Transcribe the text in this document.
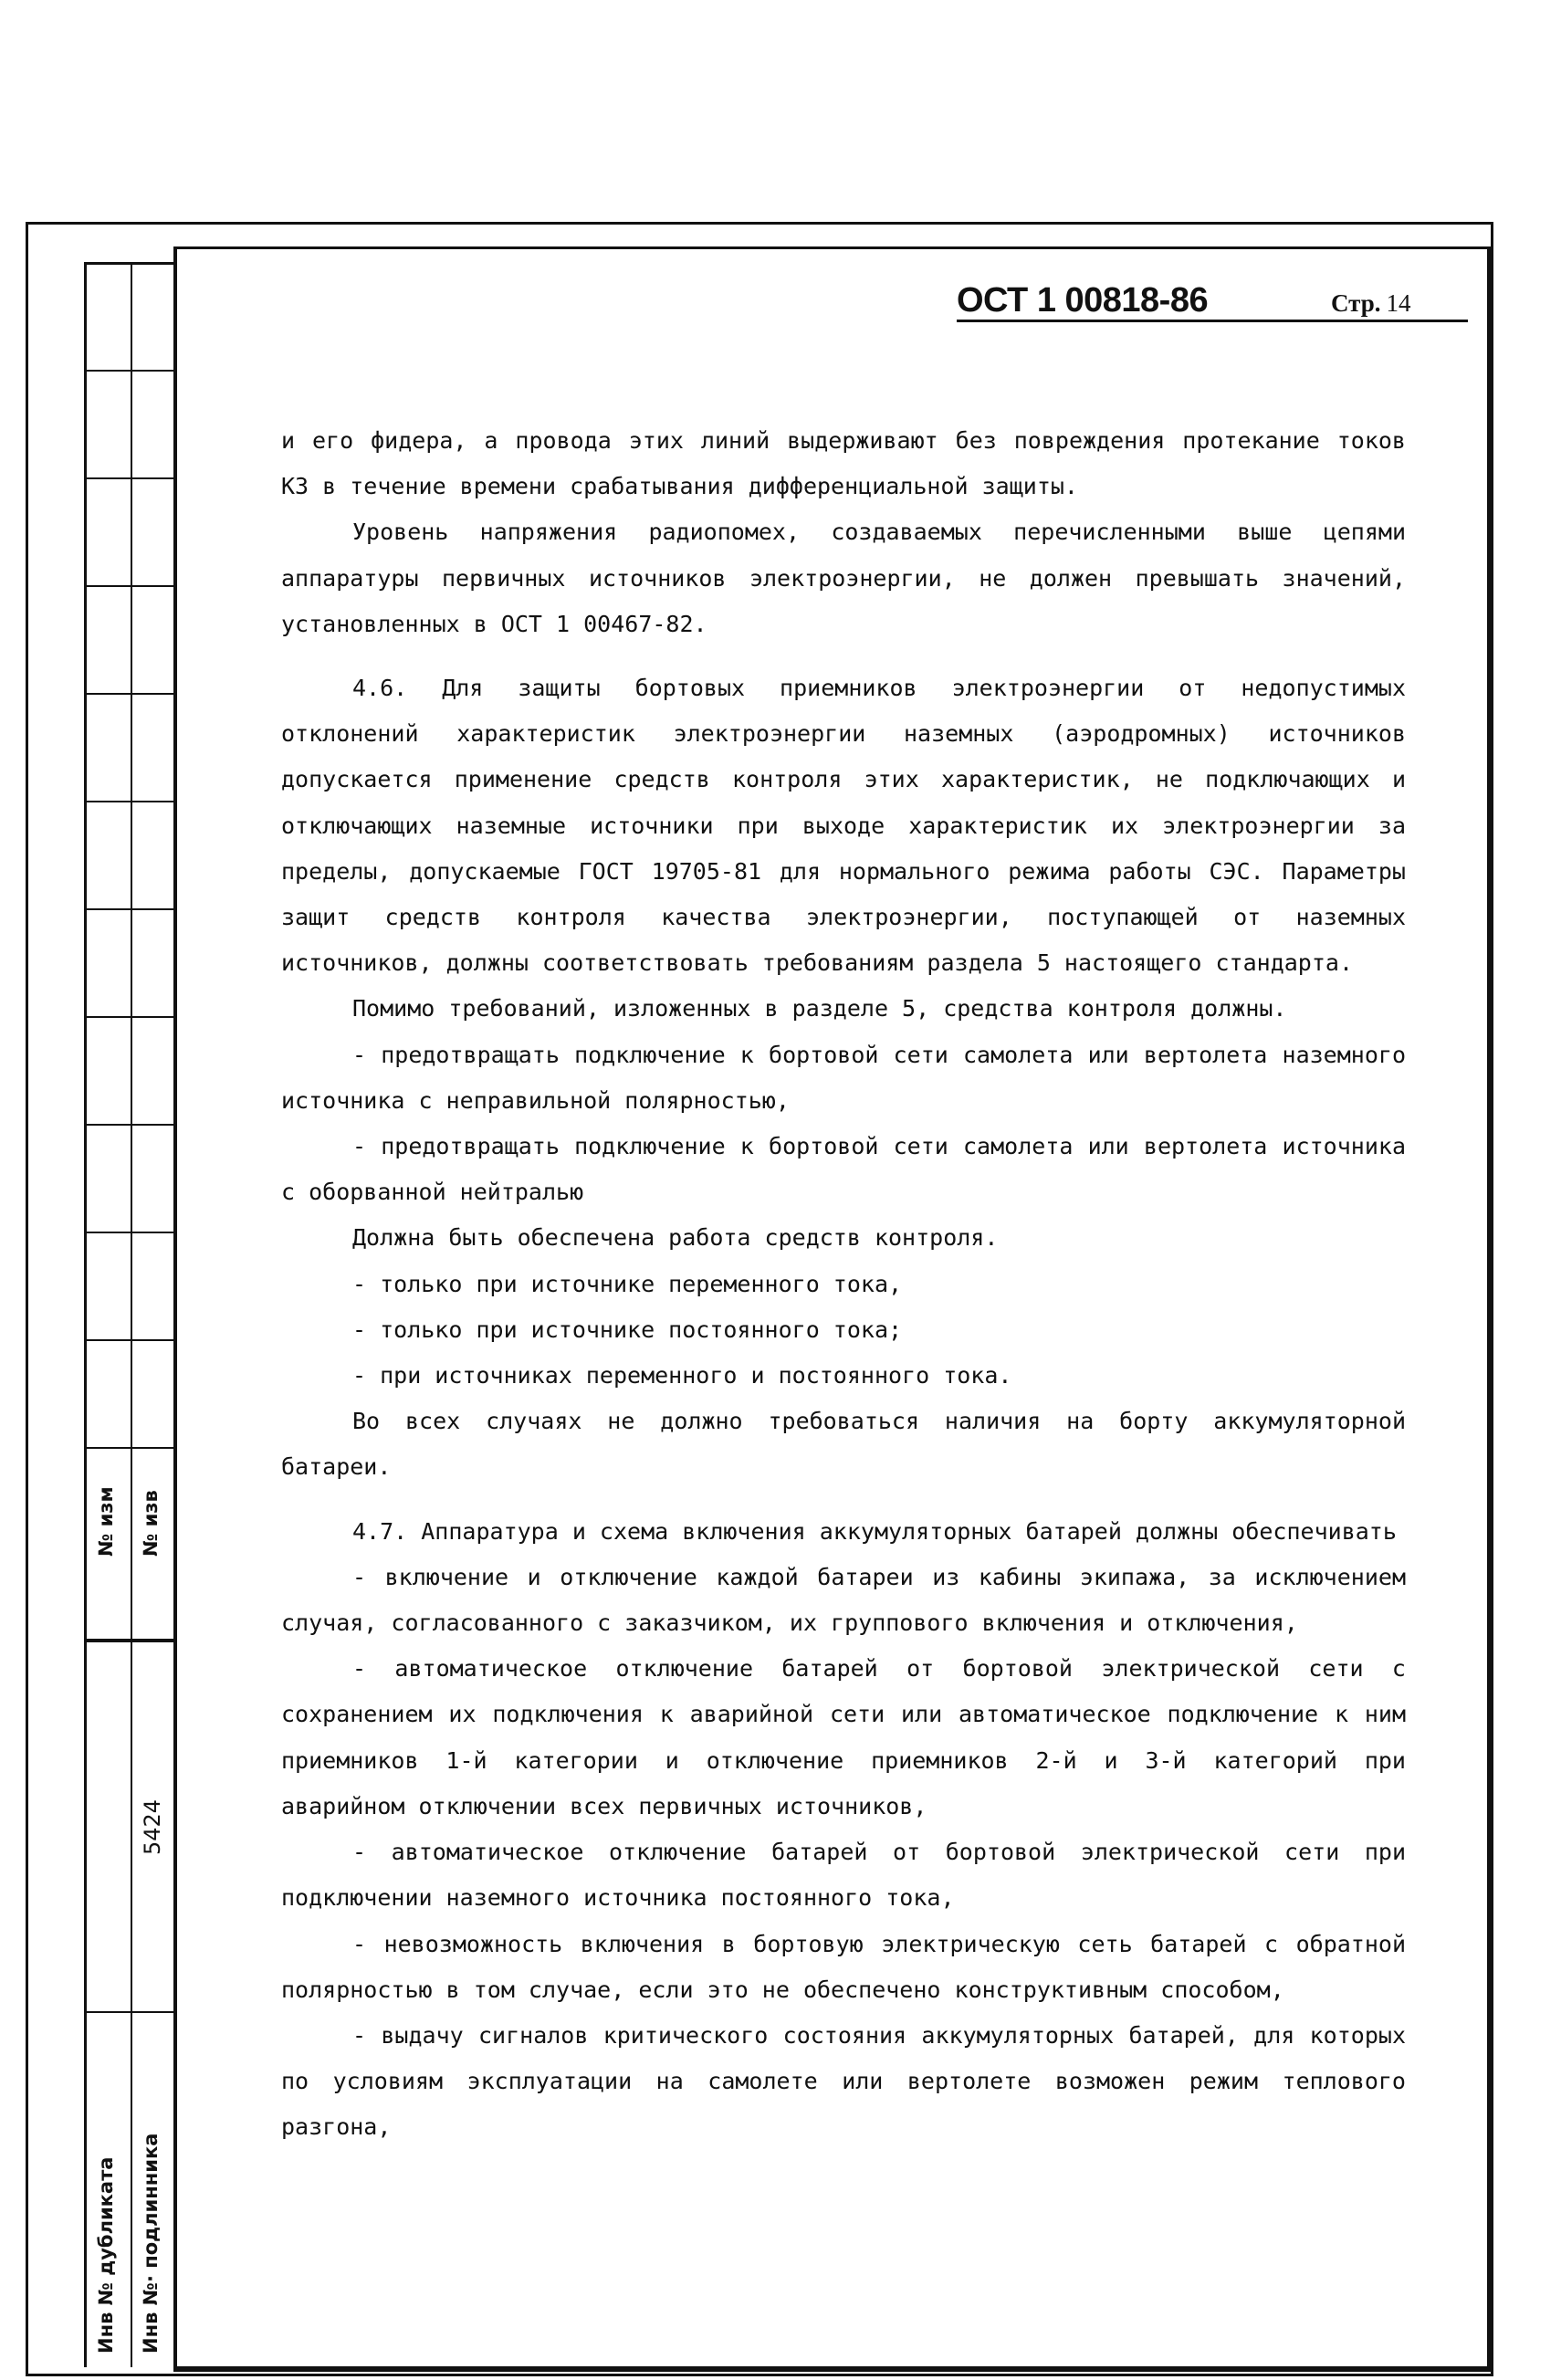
№ изм № изв
5424
Инв № дубликата Инв №· подлинника
ОСТ 1 00818-86	Стр. 14

и его фидера, а провода этих линий выдерживают без повреждения протекание токов КЗ в течение времени срабатывания дифференциальной защиты.

Уровень напряжения радиопомех, создаваемых перечисленными выше цепями аппаратуры первичных источников электроэнергии, не должен превышать значений, установленных в ОСТ 1 00467-82.

4.6. Для защиты бортовых приемников электроэнергии от недопустимых отклонений характеристик электроэнергии наземных (аэродромных) источников допускается применение средств контроля этих характеристик, не подключающих и отключающих наземные источники при выходе характеристик их электроэнергии за пределы, допускаемые ГОСТ 19705-81 для нормального режима работы СЭС. Параметры защит средств контроля качества электроэнергии, поступающей от наземных источников, должны соответствовать требованиям раздела 5 настоящего стандарта.

Помимо требований, изложенных в разделе 5, средства контроля должны.

- предотвращать подключение к бортовой сети самолета или вертолета наземного источника с неправильной полярностью,

- предотвращать подключение к бортовой сети самолета или вертолета источника с оборванной нейтралью

Должна быть обеспечена работа средств контроля.

- только при источнике переменного тока,

- только при источнике постоянного тока;

- при источниках переменного и постоянного тока.

Во всех случаях не должно требоваться наличия на борту аккумуляторной батареи.

4.7. Аппаратура и схема включения аккумуляторных батарей должны обеспечивать

- включение и отключение каждой батареи из кабины экипажа, за исключением случая, согласованного с заказчиком, их группового включения и отключения,

- автоматическое отключение батарей от бортовой электрической сети с сохранением их подключения к аварийной сети или автоматическое подключение к ним приемников 1-й категории и отключение приемников 2-й и 3-й категорий при аварийном отключении всех первичных источников,

- автоматическое отключение батарей от бортовой электрической сети при подключении наземного источника постоянного тока,

- невозможность включения в бортовую электрическую сеть батарей с обратной полярностью в том случае, если это не обеспечено конструктивным способом,

- выдачу сигналов критического состояния аккумуляторных батарей, для которых по условиям эксплуатации на самолете или вертолете возможен режим теплового разгона,
